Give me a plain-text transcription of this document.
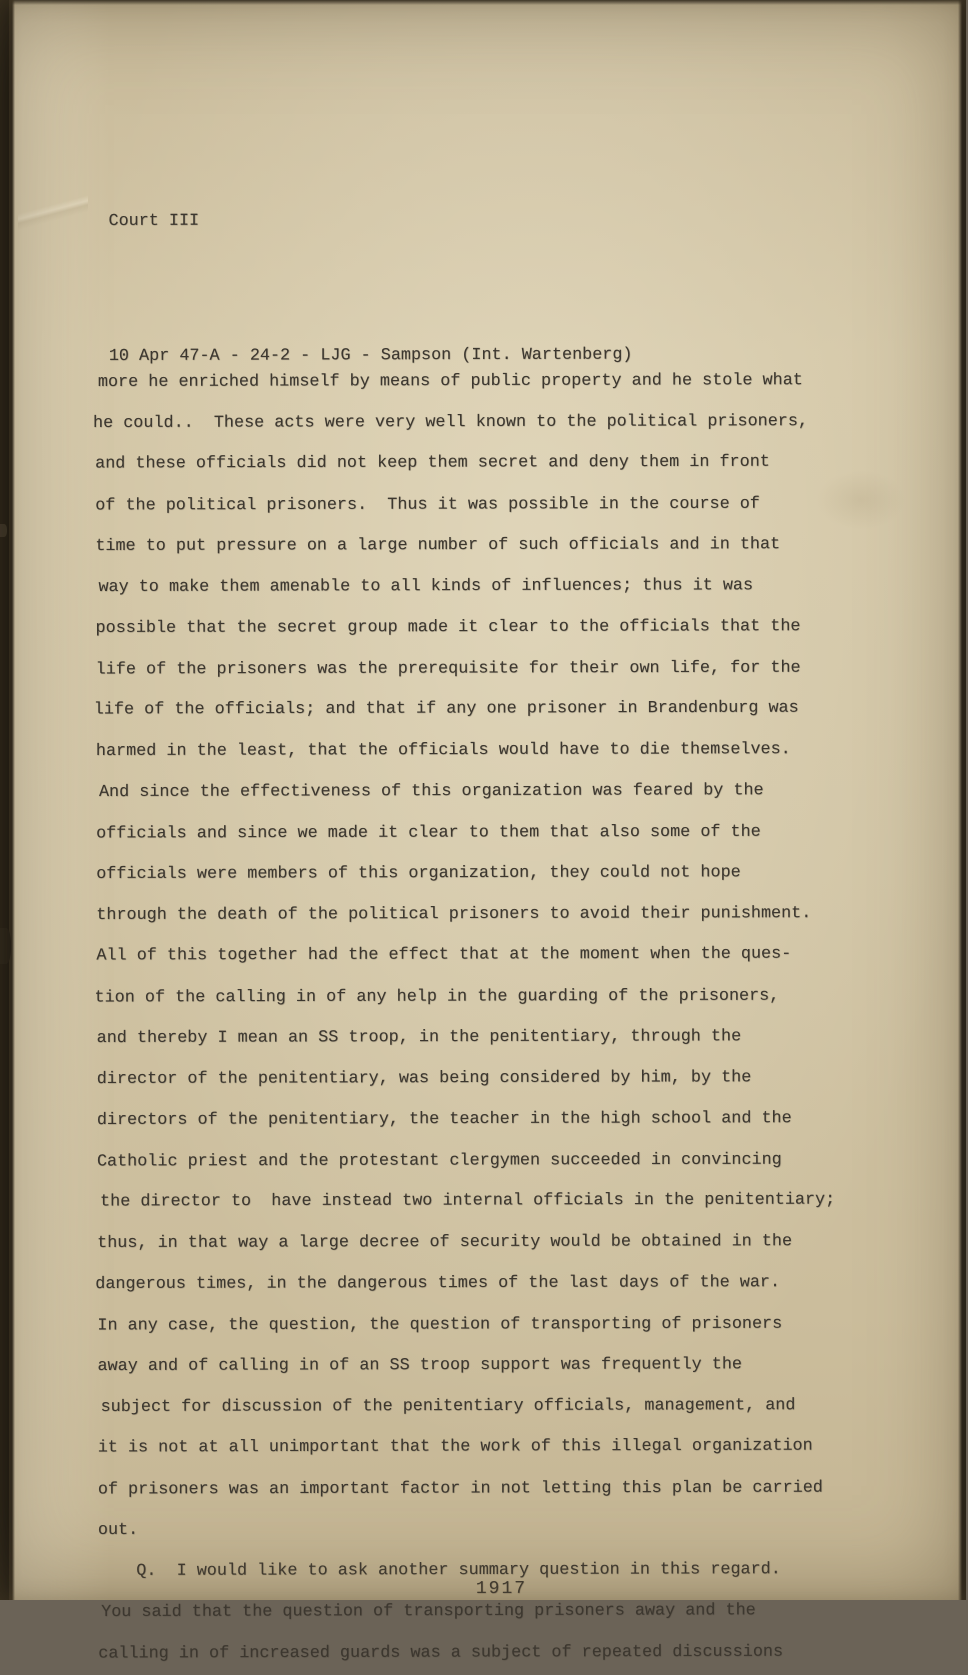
Court III

10 Apr 47-A - 24-2 - LJG - Sampson (Int. Wartenberg)

more he enriched himself by means of public property and he stole what
he could..  These acts were very well known to the political prisoners,
and these officials did not keep them secret and deny them in front
of the political prisoners.  Thus it was possible in the course of
time to put pressure on a large number of such officials and in that
way to make them amenable to all kinds of influences; thus it was
possible that the secret group made it clear to the officials that the
life of the prisoners was the prerequisite for their own life, for the
life of the officials; and that if any one prisoner in Brandenburg was
harmed in the least, that the officials would have to die themselves.
And since the effectiveness of this organization was feared by the
officials and since we made it clear to them that also some of the
officials were members of this organization, they could not hope
through the death of the political prisoners to avoid their punishment.
All of this together had the effect that at the moment when the ques-
tion of the calling in of any help in the guarding of the prisoners,
and thereby I mean an SS troop, in the penitentiary, through the
director of the penitentiary, was being considered by him, by the
directors of the penitentiary, the teacher in the high school and the
Catholic priest and the protestant clergymen succeeded in convincing
the director to  have instead two internal officials in the penitentiary;
thus, in that way a large decree of security would be obtained in the
dangerous times, in the dangerous times of the last days of the war.
In any case, the question, the question of transporting of prisoners
away and of calling in of an SS troop support was frequently the
subject for discussion of the penitentiary officials, management, and
it is not at all unimportant that the work of this illegal organization
of prisoners was an important factor in not letting this plan be carried
out.
Q.  I would like to ask another summary question in this regard.
You said that the question of transporting prisoners away and the
calling in of increased guards was a subject of repeated discussions

1917
